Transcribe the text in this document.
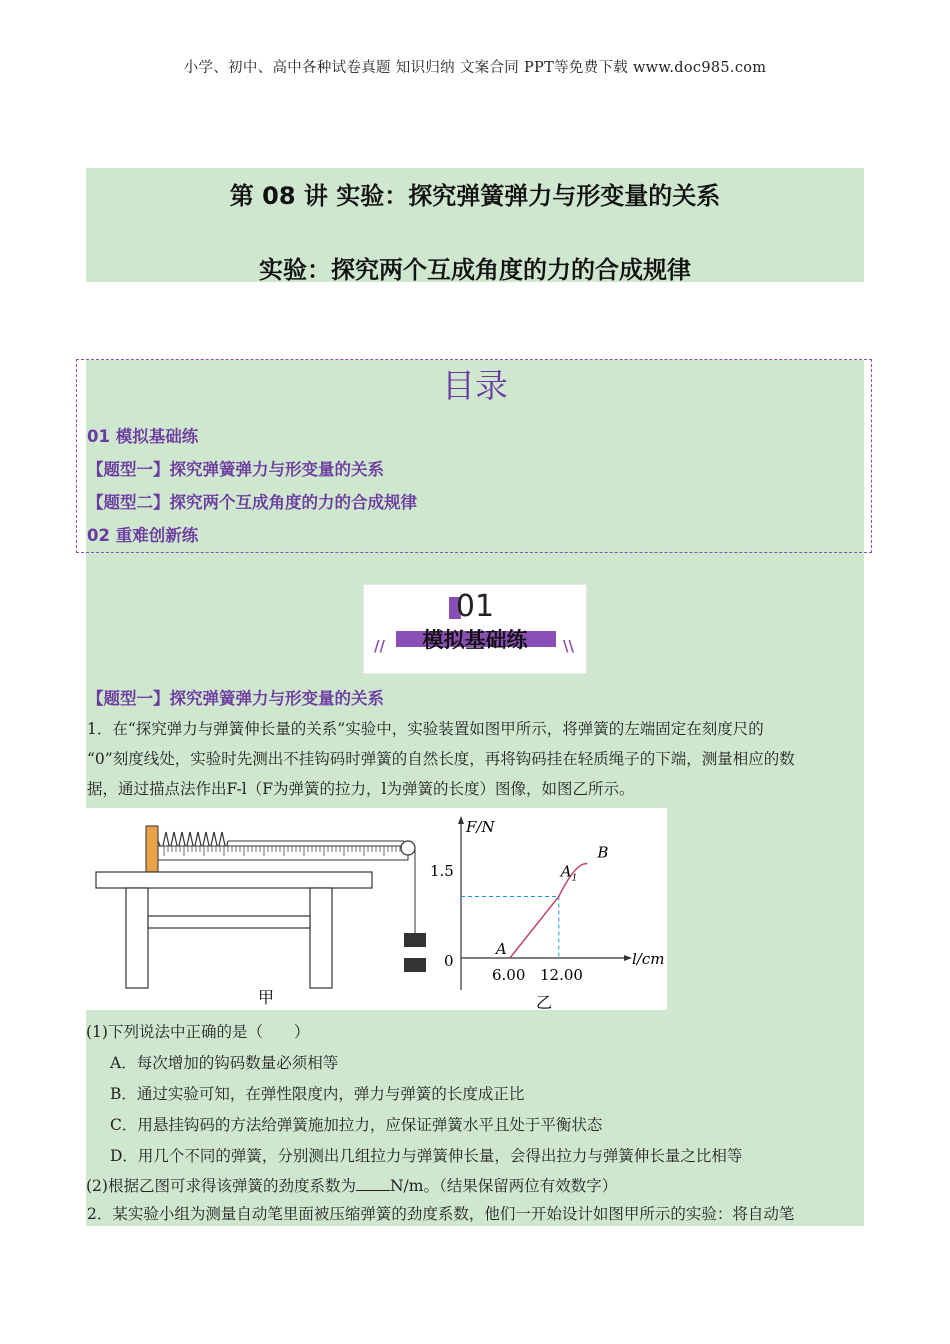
小学、初中、高中各种试卷真题 知识归纳 文案合同 PPT等免费下载 www.doc985.com
第 08 讲 实验：探究弹簧弹力与形变量的关系
实验：探究两个互成角度的力的合成规律
目录
01 模拟基础练
【题型一】探究弹簧弹力与形变量的关系
【题型二】探究两个互成角度的力的合成规律
02 重难创新练
01
模拟基础练
//	\\
【题型一】探究弹簧弹力与形变量的关系
1．在“探究弹力与弹簧伸长量的关系”实验中，实验装置如图甲所示，将弹簧的左端固定在刻度尺的
“0”刻度线处，实验时先测出不挂钩码时弹簧的自然长度，再将钩码挂在轻质绳子的下端，测量相应的数
据，通过描点法作出F-l（F为弹簧的拉力，l为弹簧的长度）图像，如图乙所示。
甲
F/N
l/cm
0
1.5
6.00 12.00
A
$A_1$
B
乙
(1)下列说法中正确的是（　　）
A．每次增加的钩码数量必须相等
B．通过实验可知，在弹性限度内，弹力与弹簧的长度成正比
C．用悬挂钩码的方法给弹簧施加拉力，应保证弹簧水平且处于平衡状态
D．用几个不同的弹簧，分别测出几组拉力与弹簧伸长量，会得出拉力与弹簧伸长量之比相等
(2)根据乙图可求得该弹簧的劲度系数为 N/m。（结果保留两位有效数字）
2．某实验小组为测量自动笔里面被压缩弹簧的劲度系数，他们一开始设计如图甲所示的实验：将自动笔
